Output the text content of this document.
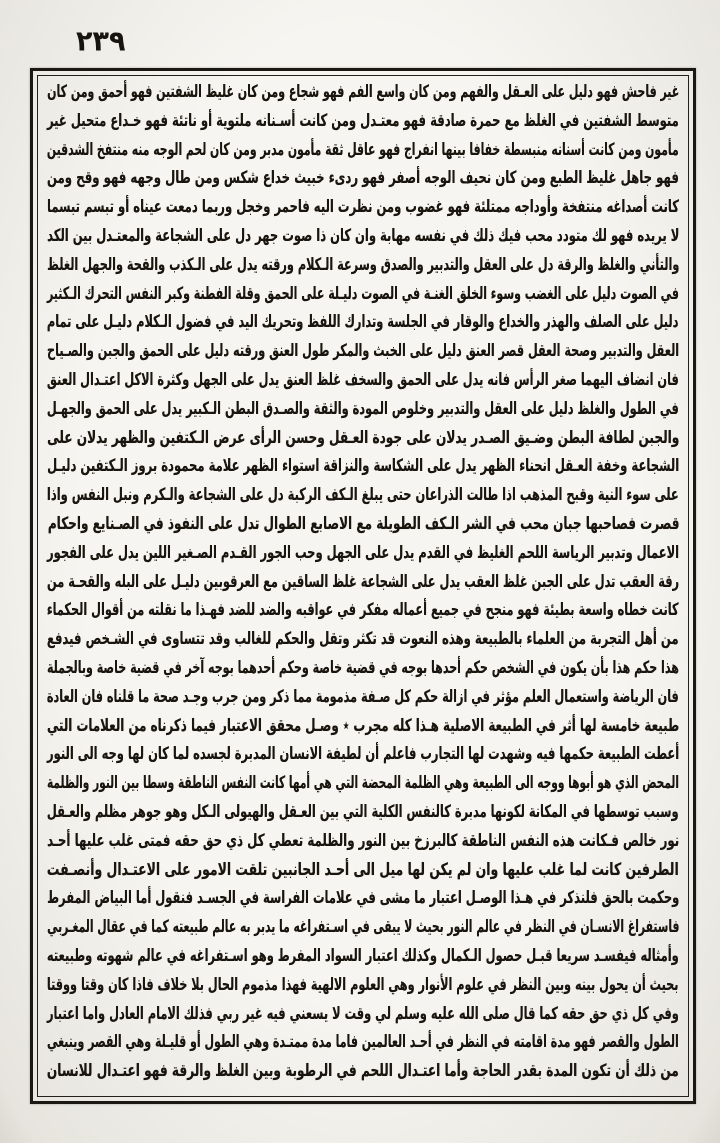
٢٣٩
غير فاحش فهو دليل على العـقل والفهم ومن كان واسع الفم فهو شجاع ومن كان غليظ الشفتين فهو أحمق ومن كان
متوسط الشفتين في الغلظ مع حمرة صادقة فهو معتـدل ومن كانت أسـنانه ملتوية أو ناتئة فهو خـداع متحيل غير
مأمون ومن كانت أسنانه منبسطة خفافا بينها انفراج فهو عاقل ثقة مأمون مدبر ومن كان لحم الوجه منه منتفخ الشدقين
فهو جاهل غليظ الطبع ومن كان نحيف الوجه أصفر فهو ردىء خبيث خداع شكس ومن طال وجهه فهو وقح ومن
كانت أصداغه منتفخة وأوداجه ممتلئة فهو غضوب ومن نظرت اليه فاحمر وخجل وربما دمعت عيناه أو تبسم تبسما
لا يريده فهو لك متودد محب فيك ذلك في نفسه مهابة وان كان ذا صوت جهر دل على الشجاعة والمعتـدل بين الكد
والتأني والغلظ والرقة دل على العقل والتدبير والصدق وسرعة الـكلام ورقته يدل على الـكذب والقحة والجهل الغلظ
في الصوت دليل على الغضب وسوء الخلق الغنـة في الصوت دليـلة على الحمق وقلة الفطنة وكبر النفس التحرك الـكثير
دليل على الصلف والهذر والخداع والوقار في الجلسة وتدارك اللفظ وتحريك اليد في فضول الـكلام دليـل على تمام
العقل والتدبير وصحة العقل قصر العنق دليل على الخبث والمكر طول العنق ورقته دليل على الحمق والجبن والصـياح
فان انضاف اليهما صغر الرأس فانه يدل على الحمق والسخف غلظ العنق يدل على الجهل وكثرة الاكل اعتـدال العنق
في الطول والغلظ دليل على العقل والتدبير وخلوص المودة والثقة والصـدق البطن الـكبير يدل على الحمق والجهـل
والجبن لطافة البطن وضـيق الصـدر يدلان على جودة العـقل وحسن الرأى عرض الـكتفين والظهر يدلان على
الشجاعة وخفة العـقل انحناء الظهر يدل على الشكاسة والنزاقة استواء الظهر علامة محمودة بروز الـكتفين دليـل
على سوء النية وقبح المذهب اذا طالت الذراعان حتى يبلغ الـكف الركبة دل على الشجاعة والـكرم ونبل النفس واذا
قصرت فصاحبها جبان محب في الشر الـكف الطويلة مع الاصابع الطوال تدل على النفوذ في الصـنايع واحكام
الاعمال وتدبير الرياسة اللحم الغليظ في القدم يدل على الجهل وحب الجور القـدم الصـغير اللين يدل على الفجور
رقة العقب تدل على الجبن غلظ العقب يدل على الشجاعة غلظ الساقين مع العرقوبين دليـل على البله والقحـة من
كانت خطاه واسعة بطيئة فهو منجح في جميع أعماله مفكر في عواقبه والضد للضد فهـذا ما نقلته من أقوال الحكماء
من أهل التجربة من العلماء بالطبيعة وهذه النعوت قد تكثر وتقل والحكم للغالب وقد تتساوى في الشـخص فيدفع
هذا حكم هذا بأن يكون في الشخص حكم أحدها بوجه في قضية خاصة وحكم أحدهما بوجه آخر في قضية خاصة وبالجملة
فان الرياضة واستعمال العلم مؤثر في ازالة حكم كل صـفة مذمومة مما ذكر ومن جرب وجـد صحة ما قلناه فان العادة
طبيعة خامسة لها أثر في الطبيعة الاصلية هـذا كله مجرب ٭ وصـل محقق الاعتبار فيما ذكرناه من العلامات التي
أعطت الطبيعة حكمها فيه وشهدت لها التجارب فاعلم أن لطيفة الانسان المدبرة لجسده لما كان لها وجه الى النور
المحض الذي هو أبوها ووجه الى الطبيعة وهي الظلمة المحضة التي هي أمها كانت النفس الناطقة وسطا بين النور والظلمة
وسبب توسطها في المكانة لكونها مدبرة كالنفس الكلية التي بين العـقل والهيولى الـكل وهو جوهر مظلم والعـقل
نور خالص فـكانت هذه النفس الناطقة كالبرزخ بين النور والظلمة تعطي كل ذي حق حقه فمتى غلب عليها أحـد
الطرفين كانت لما غلب عليها وان لم يكن لها ميل الى أحـد الجانبين تلقت الامور على الاعتـدال وأنصـفت
وحكمت بالحق فلنذكر في هـذا الوصـل اعتبار ما مشى في علامات الفراسة في الجسـد فنقول أما البياض المفرط
فاستفراغ الانسـان في النظر في عالم النور بحيث لا يبقى في اسـتفراغه ما يدبر به عالم طبيعته كما في عقال المغـربي
وأمثاله فيفسـد سريعا قبـل حصول الـكمال وكذلك اعتبار السواد المفرط وهو اسـتفراغه في عالم شهوته وطبيعته
بحيث أن يحول بينه وبين النظر في علوم الأنوار وهي العلوم الالهية فهذا مذموم الحال بلا خلاف فاذا كان وقتا ووقتا
وفي كل ذي حق حقه كما قال صلى الله عليه وسلم لي وقت لا يسعني فيه غير ربي فذلك الامام العادل واما اعتبار
الطول والقصر فهو مدة اقامته في النظر في أحـد العالمين فاما مدة ممتـدة وهي الطول أو قليـلة وهي القصر وينبغي
من ذلك أن تكون المدة بقدر الحاجة وأما اعتـدال اللحم في الرطوبة وبين الغلظ والرقة فهو اعتـدال للانسان
